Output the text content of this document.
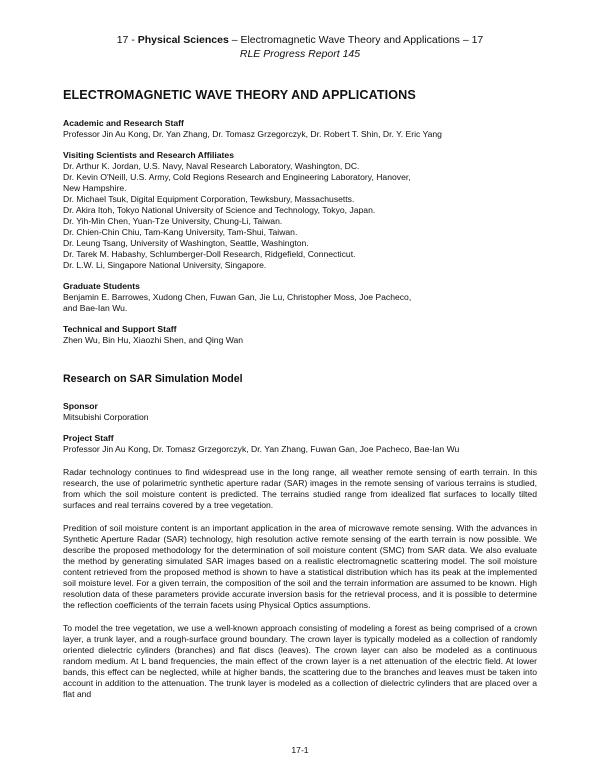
17 - Physical Sciences – Electromagnetic Wave Theory and Applications – 17
RLE Progress Report 145
ELECTROMAGNETIC WAVE THEORY AND APPLICATIONS
Academic and Research Staff
Professor Jin Au Kong, Dr. Yan Zhang, Dr. Tomasz Grzegorczyk, Dr. Robert T. Shin, Dr. Y. Eric Yang
Visiting Scientists and Research Affiliates
Dr. Arthur K. Jordan, U.S. Navy, Naval Research Laboratory, Washington, DC.
Dr. Kevin O'Neill, U.S. Army, Cold Regions Research and Engineering Laboratory, Hanover,
New Hampshire.
Dr. Michael Tsuk, Digital Equipment Corporation, Tewksbury, Massachusetts.
Dr. Akira Itoh, Tokyo National University of Science and Technology, Tokyo, Japan.
Dr. Yih-Min Chen, Yuan-Tze University, Chung-Li, Taiwan.
Dr. Chien-Chin Chiu, Tam-Kang University, Tam-Shui, Taiwan.
Dr. Leung Tsang, University of Washington, Seattle, Washington.
Dr. Tarek M. Habashy, Schlumberger-Doll Research, Ridgefield, Connecticut.
Dr. L.W. Li, Singapore National University, Singapore.
Graduate Students
Benjamin E. Barrowes, Xudong Chen, Fuwan Gan, Jie Lu, Christopher Moss, Joe Pacheco,
and Bae-Ian Wu.
Technical and Support Staff
Zhen Wu, Bin Hu, Xiaozhi Shen, and Qing Wan
Research on SAR Simulation Model
Sponsor
Mitsubishi Corporation
Project Staff
Professor Jin Au Kong, Dr. Tomasz Grzegorczyk, Dr. Yan Zhang, Fuwan Gan, Joe Pacheco, Bae-Ian Wu

Radar technology continues to find widespread use in the long range, all weather remote sensing of earth terrain. In this research, the use of polarimetric synthetic aperture radar (SAR) images in the remote sensing of various terrains is studied, from which the soil moisture content is predicted. The terrains studied range from idealized flat surfaces to locally tilted surfaces and real terrains covered by a tree vegetation.

Predition of soil moisture content is an important application in the area of microwave remote sensing. With the advances in Synthetic Aperture Radar (SAR) technology, high resolution active remote sensing of the earth terrain is now possible. We describe the proposed methodology for the determination of soil moisture content (SMC) from SAR data. We also evaluate the method by generating simulated SAR images based on a realistic electromagnetic scattering model. The soil moisture content retrieved from the proposed method is shown to have a statistical distribution which has its peak at the implemented soil moisture level. For a given terrain, the composition of the soil and the terrain information are assumed to be known. High resolution data of these parameters provide accurate inversion basis for the retrieval process, and it is possible to determine the reflection coefficients of the terrain facets using Physical Optics assumptions.

To model the tree vegetation, we use a well-known approach consisting of modeling a forest as being comprised of a crown layer, a trunk layer, and a rough-surface ground boundary. The crown layer is typically modeled as a collection of randomly oriented dielectric cylinders (branches) and flat discs (leaves). The crown layer can also be modeled as a continuous random medium. At L band frequencies, the main effect of the crown layer is a net attenuation of the electric field. At lower bands, this effect can be neglected, while at higher bands, the scattering due to the branches and leaves must be taken into account in addition to the attenuation. The trunk layer is modeled as a collection of dielectric cylinders that are placed over a flat and

17-1
